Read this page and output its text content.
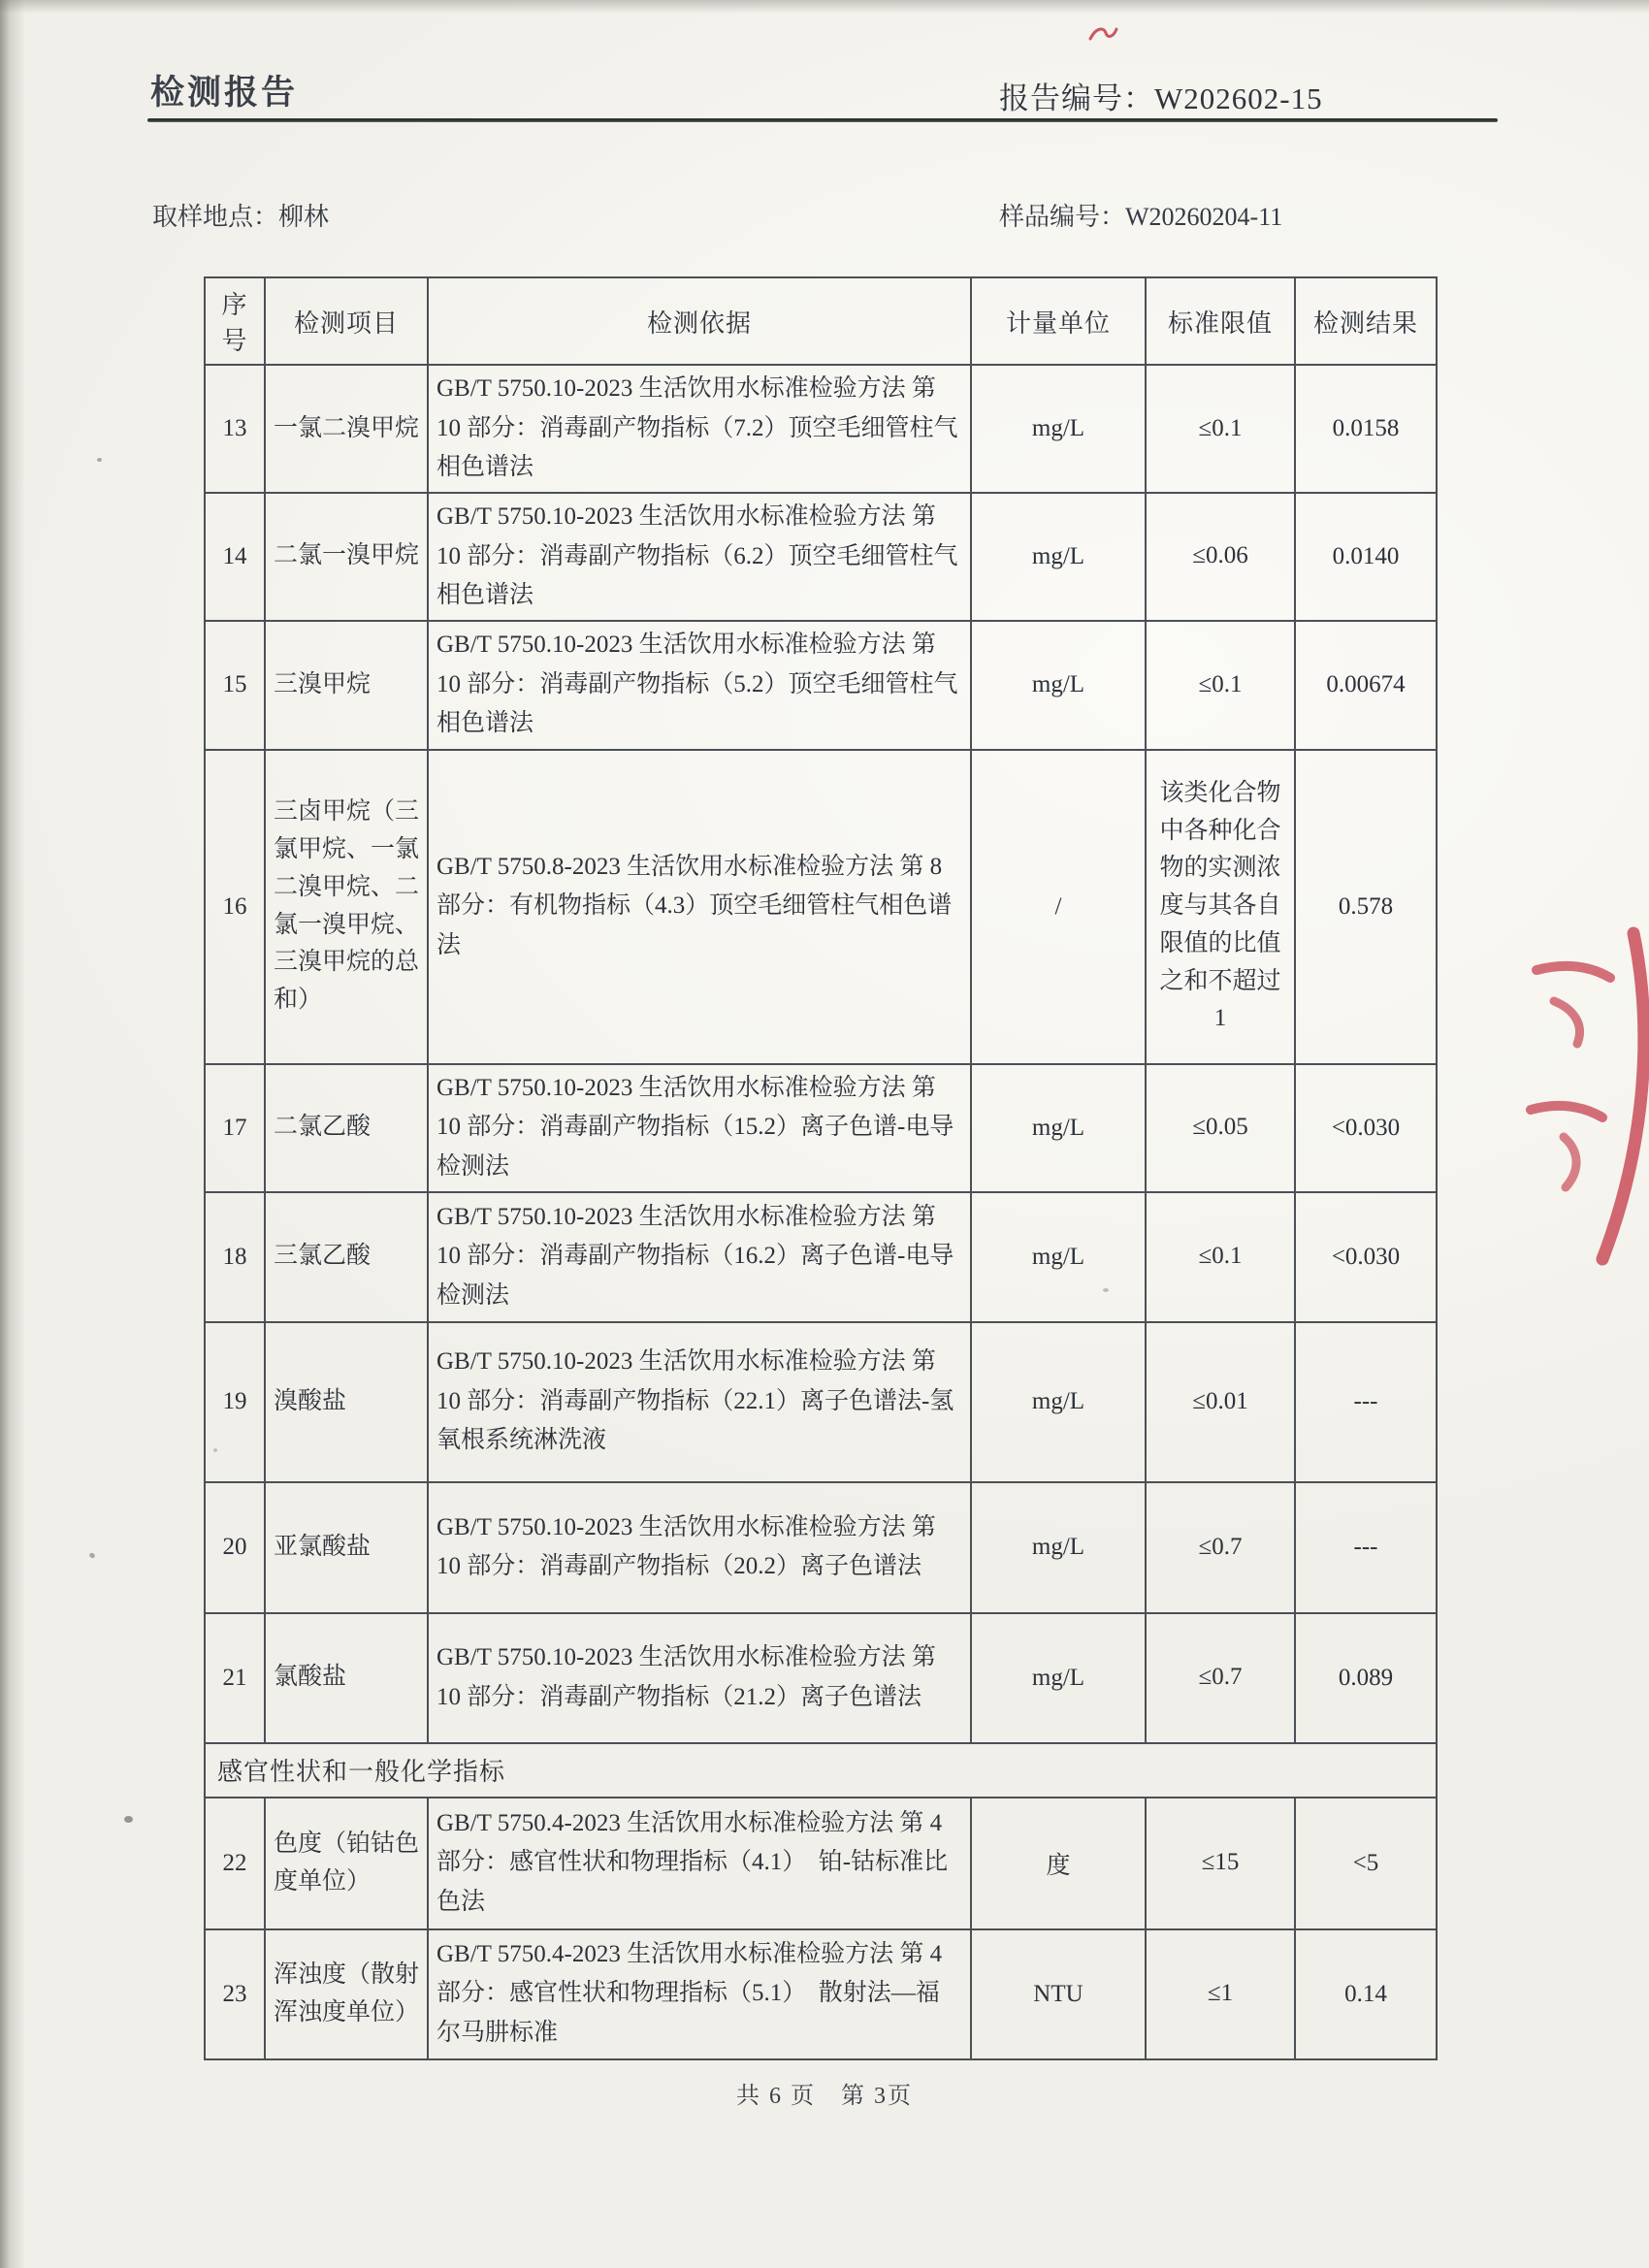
检测报告	报告编号：W202602-15
取样地点：柳林	样品编号：W20260204-11
序号	检测项目	检测依据	计量单位	标准限值	检测结果
13	一氯二溴甲烷	GB/T 5750.10-2023 生活饮用水标准检验方法 第 10 部分：消毒副产物指标（7.2）顶空毛细管柱气相色谱法	mg/L	≤0.1	0.0158
14	二氯一溴甲烷	GB/T 5750.10-2023 生活饮用水标准检验方法 第 10 部分：消毒副产物指标（6.2）顶空毛细管柱气相色谱法	mg/L	≤0.06	0.0140
15	三溴甲烷	GB/T 5750.10-2023 生活饮用水标准检验方法 第 10 部分：消毒副产物指标（5.2）顶空毛细管柱气相色谱法	mg/L	≤0.1	0.00674
16	三卤甲烷（三氯甲烷、一氯二溴甲烷、二氯一溴甲烷、三溴甲烷的总和）	GB/T 5750.8-2023 生活饮用水标准检验方法 第 8 部分：有机物指标（4.3）顶空毛细管柱气相色谱法	/	该类化合物中各种化合物的实测浓度与其各自限值的比值之和不超过1	0.578
17	二氯乙酸	GB/T 5750.10-2023 生活饮用水标准检验方法 第 10 部分：消毒副产物指标（15.2）离子色谱-电导检测法	mg/L	≤0.05	<0.030
18	三氯乙酸	GB/T 5750.10-2023 生活饮用水标准检验方法 第 10 部分：消毒副产物指标（16.2）离子色谱-电导检测法	mg/L	≤0.1	<0.030
19	溴酸盐	GB/T 5750.10-2023 生活饮用水标准检验方法 第 10 部分：消毒副产物指标（22.1）离子色谱法-氢氧根系统淋洗液	mg/L	≤0.01	---
20	亚氯酸盐	GB/T 5750.10-2023 生活饮用水标准检验方法 第 10 部分：消毒副产物指标（20.2）离子色谱法	mg/L	≤0.7	---
21	氯酸盐	GB/T 5750.10-2023 生活饮用水标准检验方法 第 10 部分：消毒副产物指标（21.2）离子色谱法	mg/L	≤0.7	0.089
感官性状和一般化学指标					
22	色度（铂钴色度单位）	GB/T 5750.4-2023 生活饮用水标准检验方法 第 4 部分：感官性状和物理指标（4.1）　铂-钴标准比色法	度	≤15	<5
23	浑浊度（散射浑浊度单位）	GB/T 5750.4-2023 生活饮用水标准检验方法 第 4 部分：感官性状和物理指标（5.1）　散射法—福尔马肼标准	NTU	≤1	0.14
共 6 页　第 3页
